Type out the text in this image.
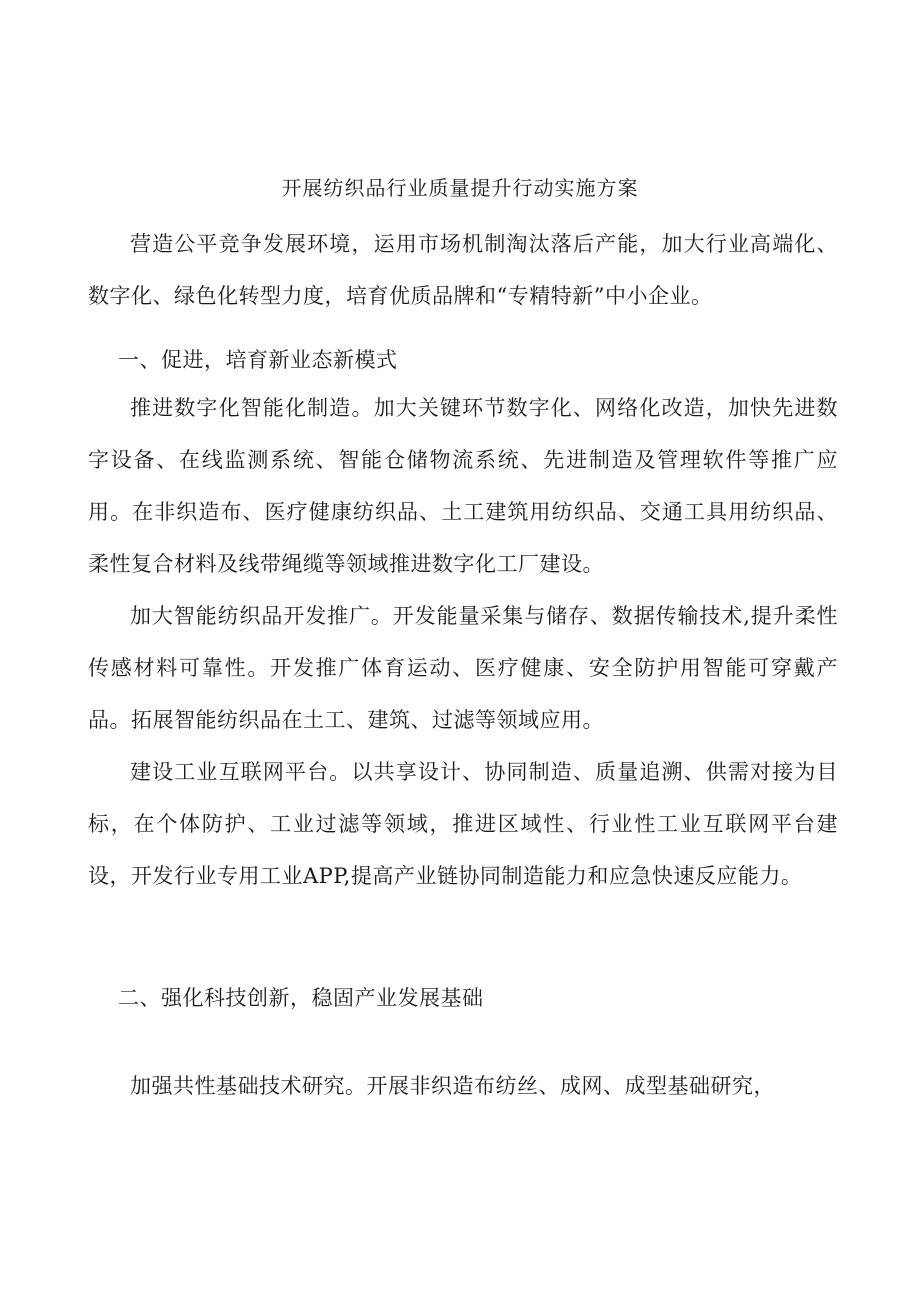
开展纺织品行业质量提升行动实施方案

营造公平竞争发展环境，运用市场机制淘汰落后产能，加大行业高端化、数字化、绿色化转型力度，培育优质品牌和“专精特新”中小企业。

一、促进，培育新业态新模式

推进数字化智能化制造。加大关键环节数字化、网络化改造，加快先进数字设备、在线监测系统、智能仓储物流系统、先进制造及管理软件等推广应用。在非织造布、医疗健康纺织品、土工建筑用纺织品、交通工具用纺织品、柔性复合材料及线带绳缆等领域推进数字化工厂建设。

加大智能纺织品开发推广。开发能量采集与储存、数据传输技术,提升柔性传感材料可靠性。开发推广体育运动、医疗健康、安全防护用智能可穿戴产品。拓展智能纺织品在土工、建筑、过滤等领域应用。

建设工业互联网平台。以共享设计、协同制造、质量追溯、供需对接为目标，在个体防护、工业过滤等领域，推进区域性、行业性工业互联网平台建设，开发行业专用工业APP,提高产业链协同制造能力和应急快速反应能力。

二、强化科技创新，稳固产业发展基础

加强共性基础技术研究。开展非织造布纺丝、成网、成型基础研究，
